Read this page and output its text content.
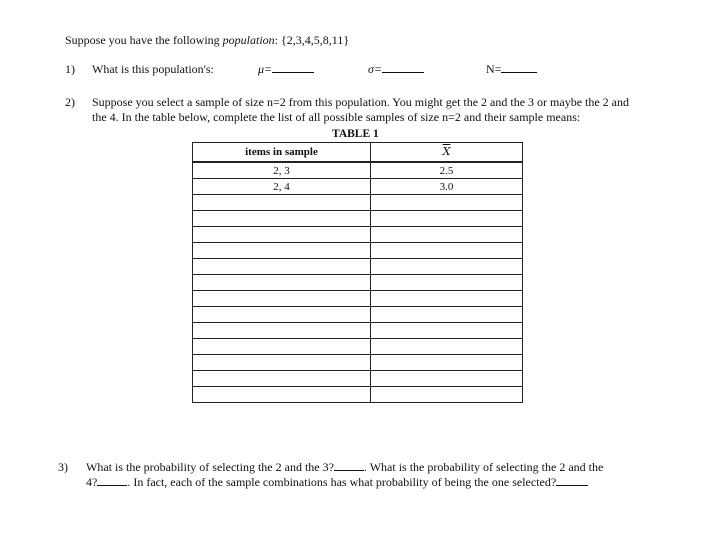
Suppose you have the following population: {2,3,4,5,8,11}
1) What is this population's:	μ=	σ=	N=
2) Suppose you select a sample of size n=2 from this population. You might get the 2 and the 3 or maybe the 2 and
the 4. In the table below, complete the list of all possible samples of size n=2 and their sample means:
TABLE 1
items in sample	$\overline{X}$
2, 3	2.5
2, 4	3.0

3) What is the probability of selecting the 2 and the 3?	. What is the probability of selecting the 2 and the
4?	. In fact, each of the sample combinations has what probability of being the one selected?
